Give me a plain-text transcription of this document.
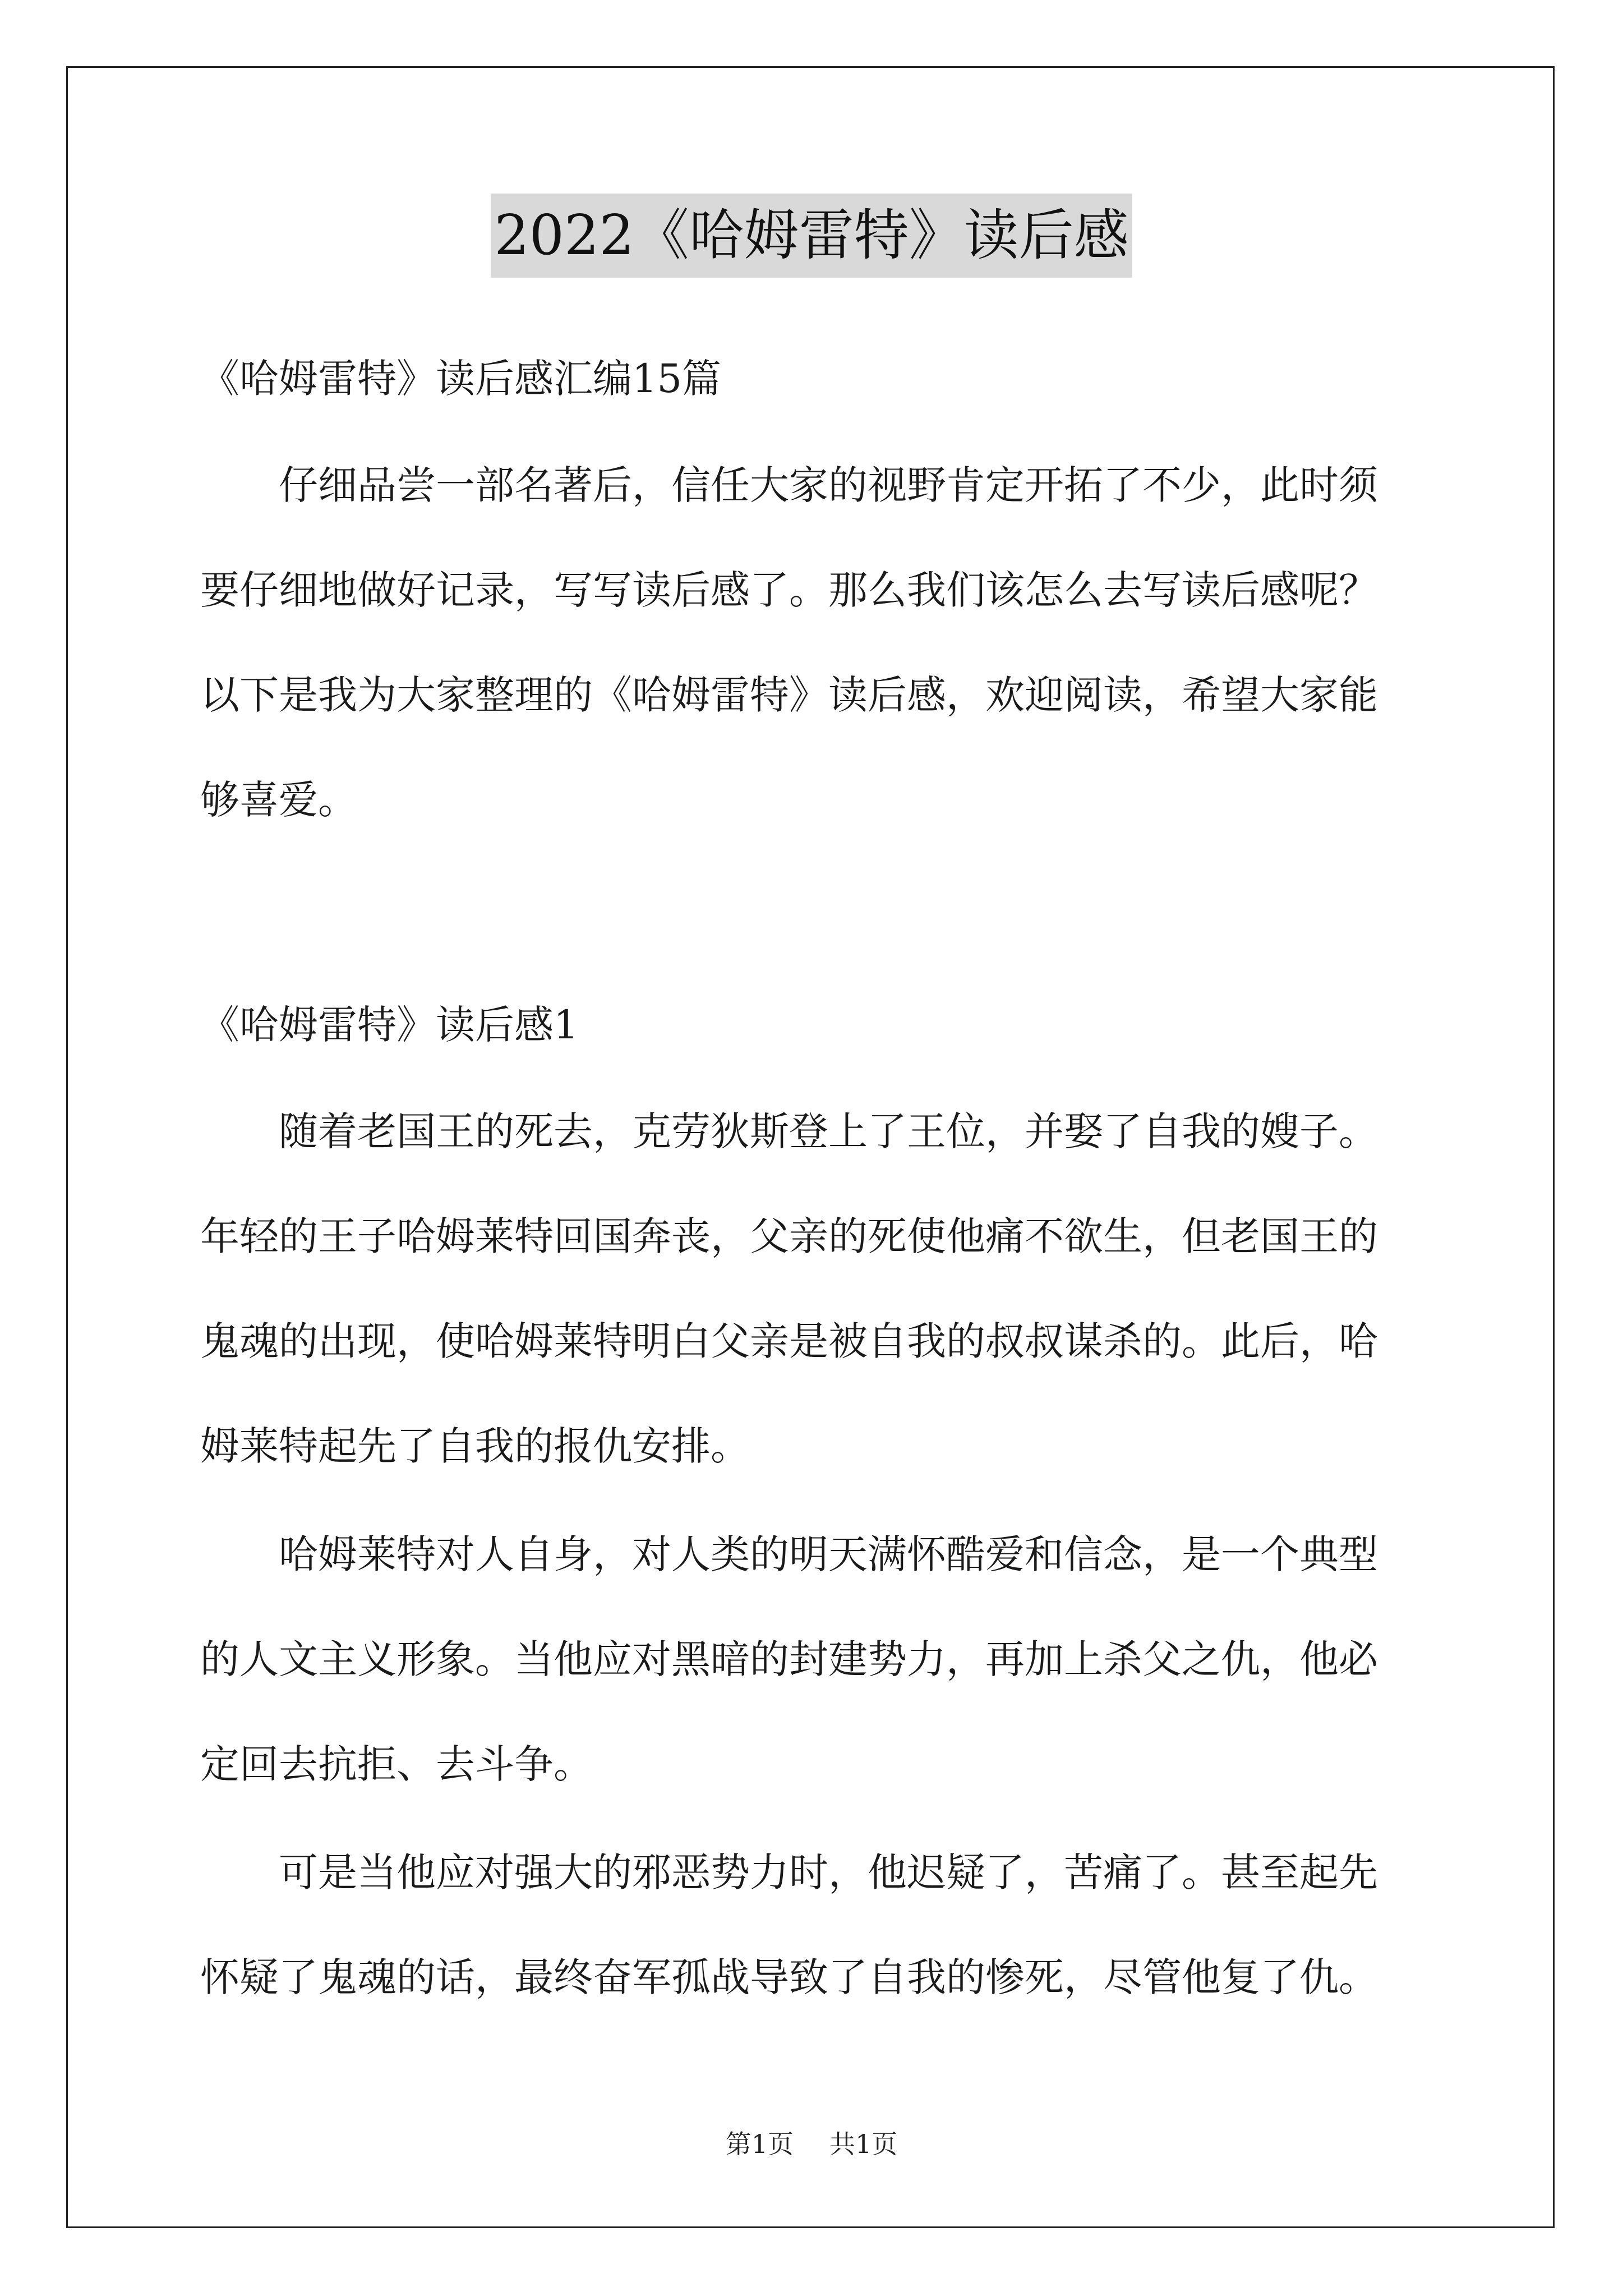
2022《哈姆雷特》读后感
《哈姆雷特》读后感汇编15篇
仔细品尝一部名著后，信任大家的视野肯定开拓了不少，此时须
要仔细地做好记录，写写读后感了。那么我们该怎么去写读后感呢？
以下是我为大家整理的《哈姆雷特》读后感，欢迎阅读，希望大家能
够喜爱。
《哈姆雷特》读后感1
随着老国王的死去，克劳狄斯登上了王位，并娶了自我的嫂子。
年轻的王子哈姆莱特回国奔丧，父亲的死使他痛不欲生，但老国王的
鬼魂的出现，使哈姆莱特明白父亲是被自我的叔叔谋杀的。此后，哈
姆莱特起先了自我的报仇安排。
哈姆莱特对人自身，对人类的明天满怀酷爱和信念，是一个典型
的人文主义形象。当他应对黑暗的封建势力，再加上杀父之仇，他必
定回去抗拒、去斗争。
可是当他应对强大的邪恶势力时，他迟疑了，苦痛了。甚至起先
怀疑了鬼魂的话，最终奋军孤战导致了自我的惨死，尽管他复了仇。
第1页 共1页
